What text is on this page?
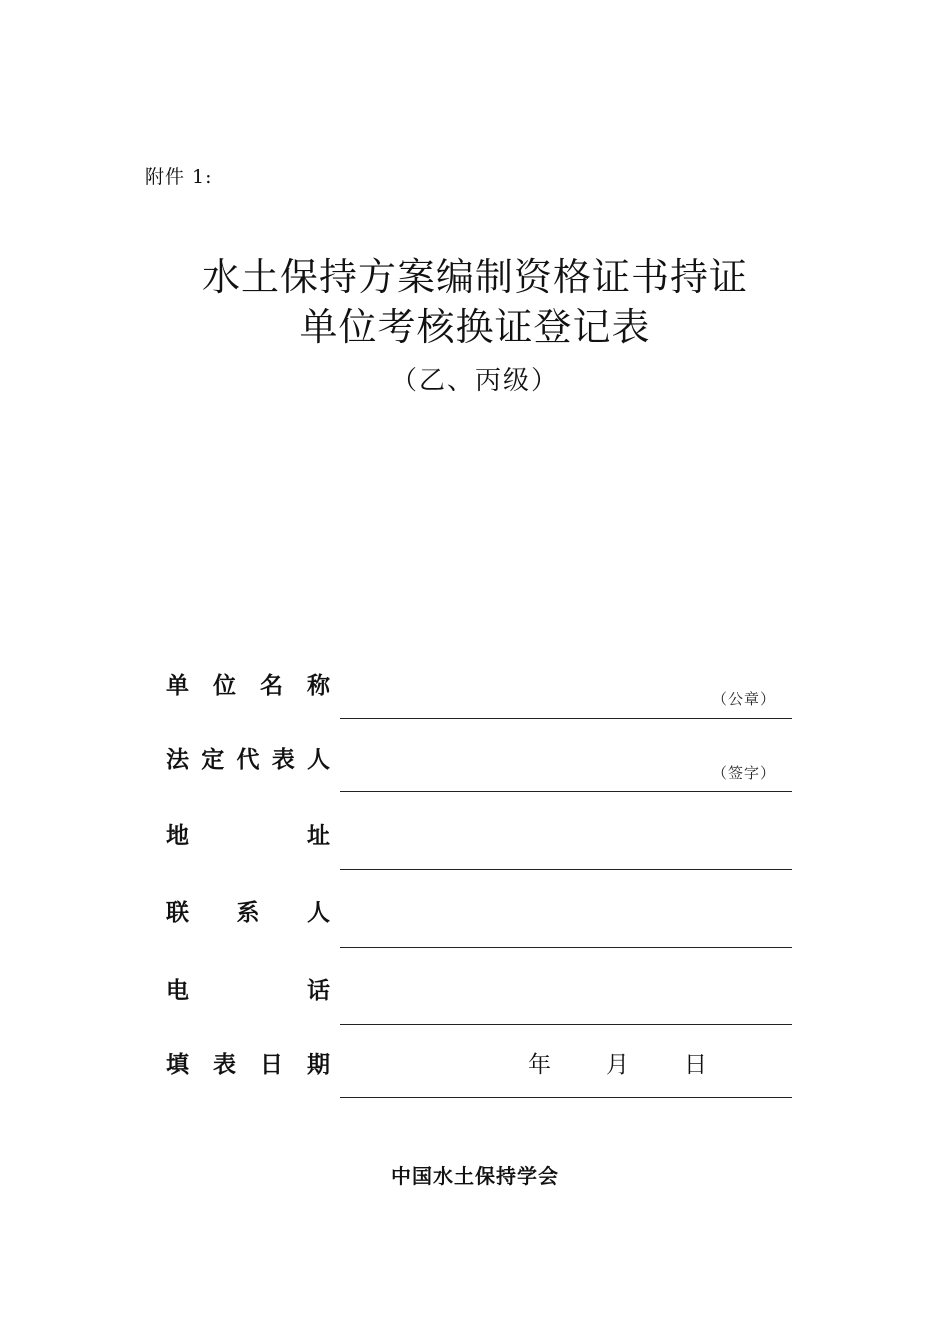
附件 1:
水土保持方案编制资格证书持证
单位考核换证登记表
（乙、丙级）
单 位 名 称	（公章）
法 定 代 表 人	（签字）
地	址
联 系 人
电	话
填 表 日 期	年	月	日
中国水土保持学会
